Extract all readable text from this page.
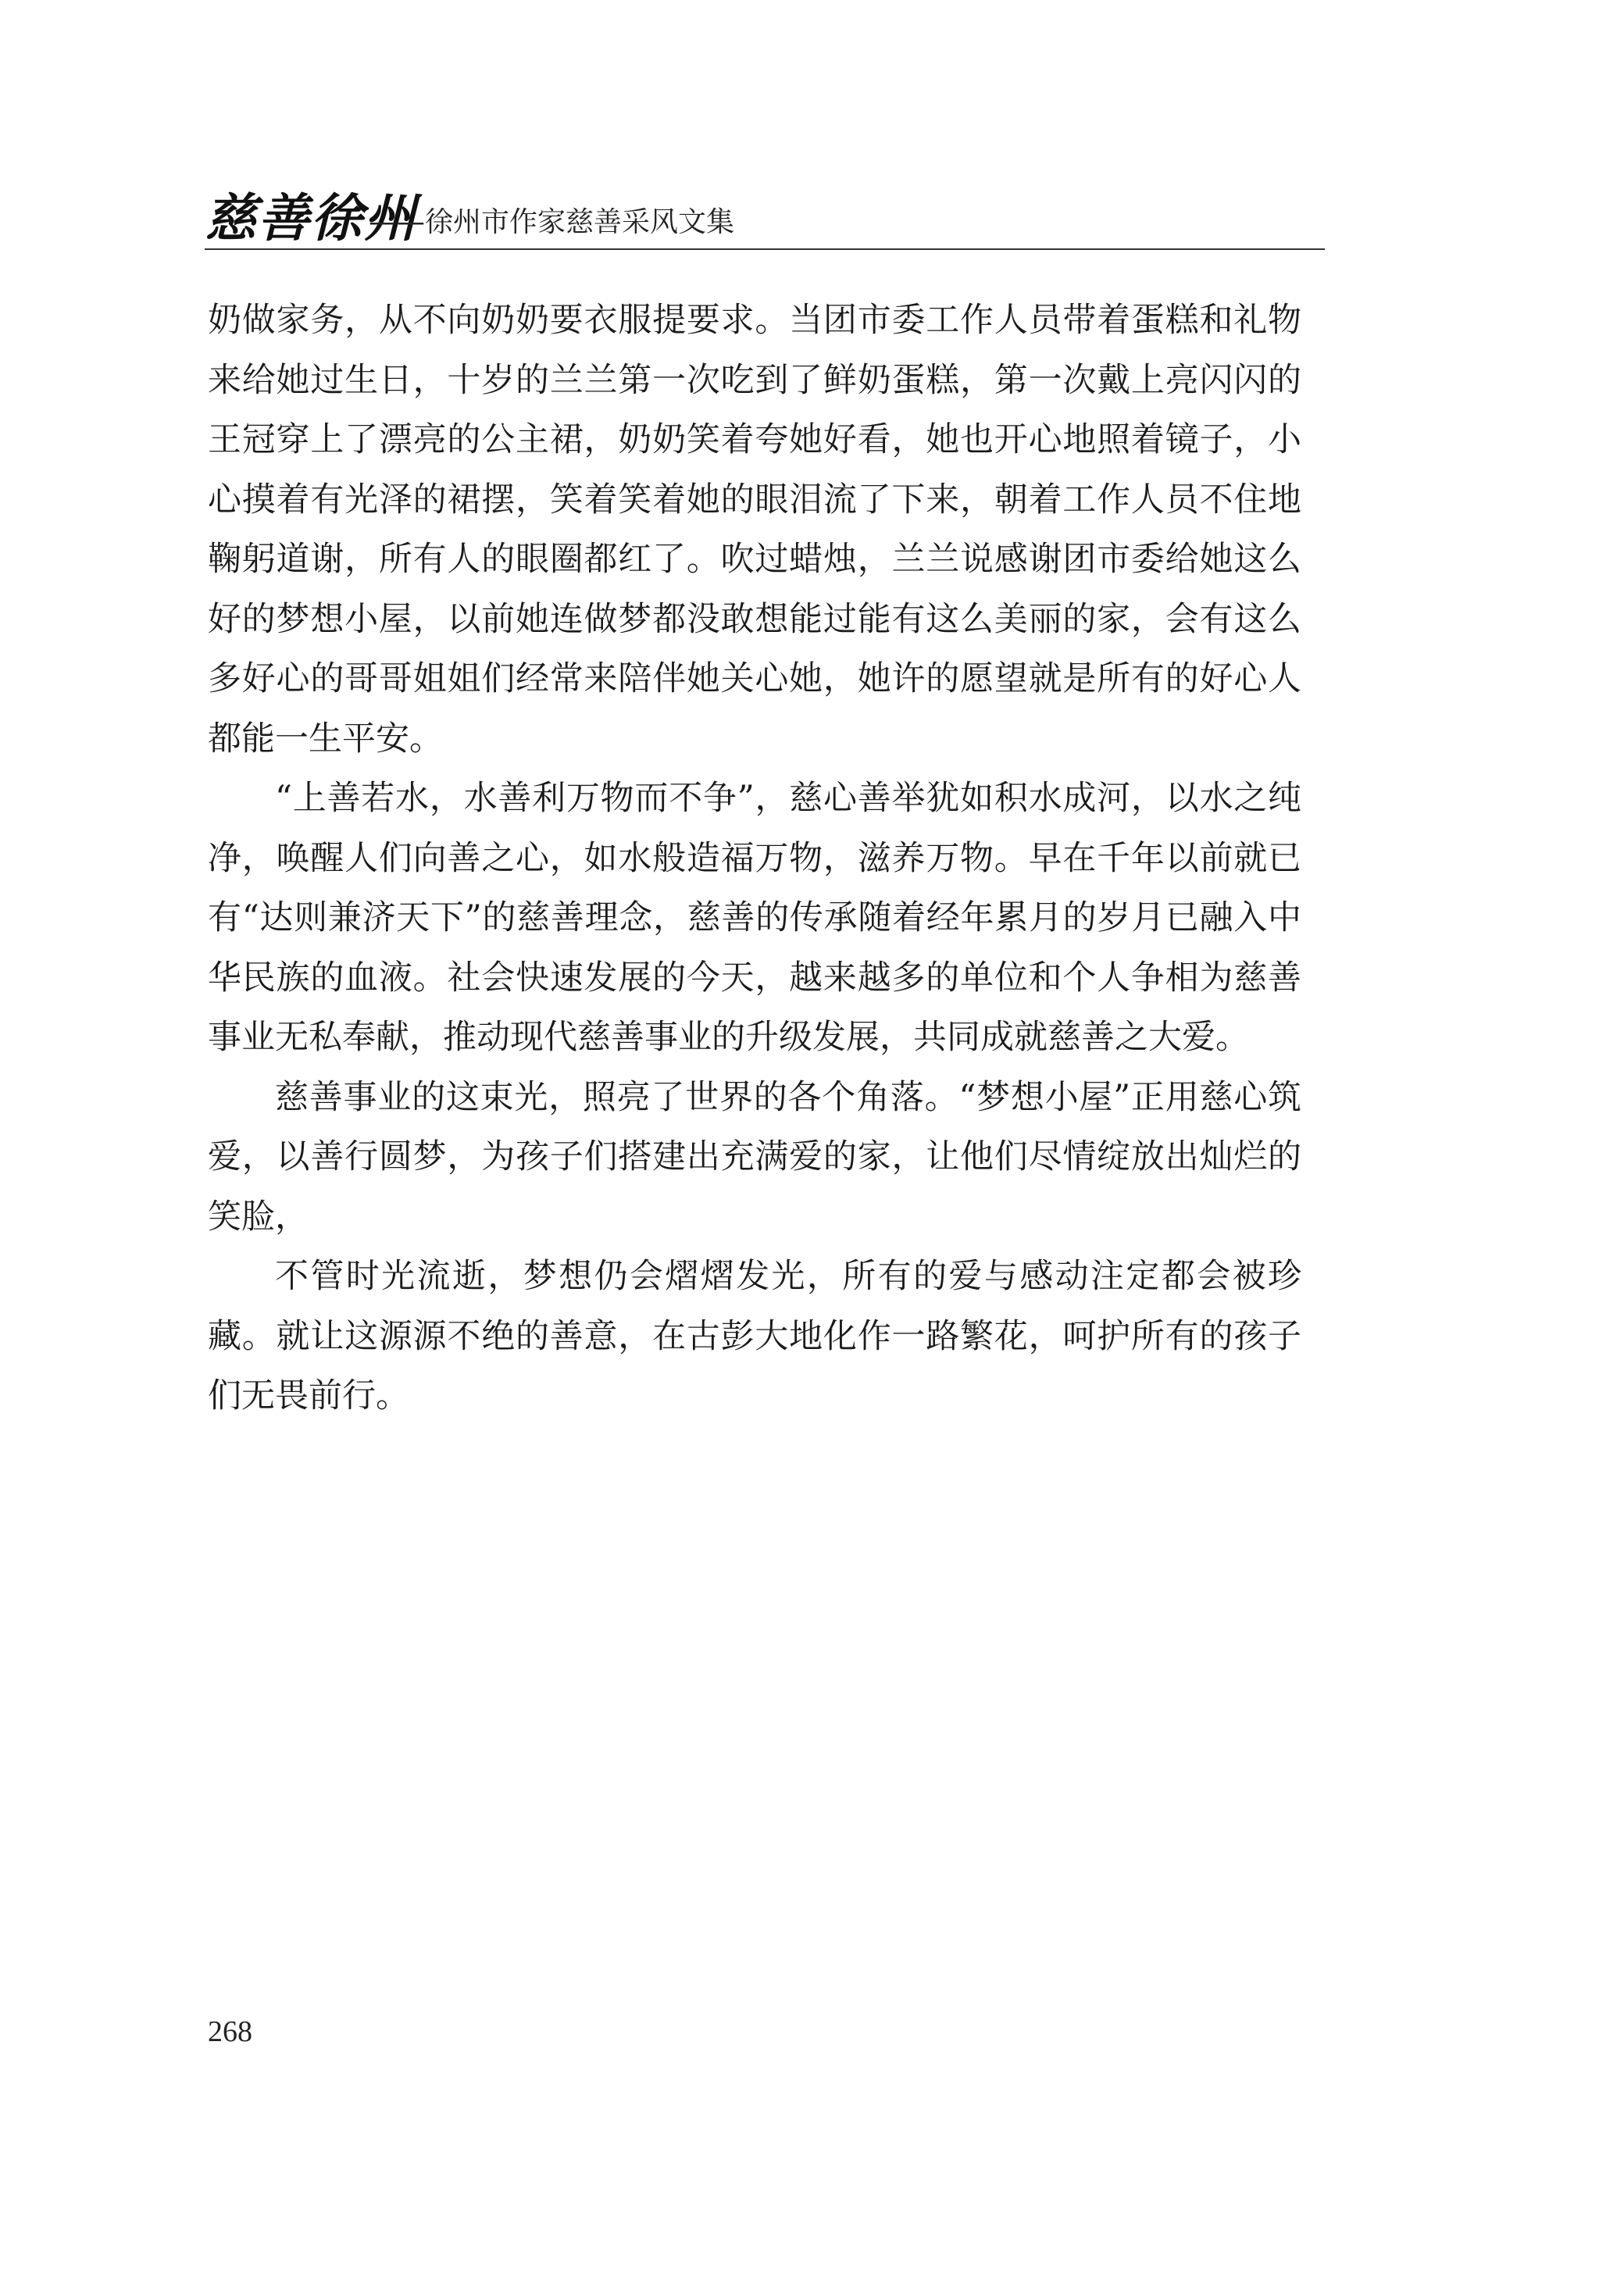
慈善徐州
——徐州市作家慈善采风文集

奶做家务，从不向奶奶要衣服提要求。当团市委工作人员带着蛋糕和礼物来给她过生日，十岁的兰兰第一次吃到了鲜奶蛋糕，第一次戴上亮闪闪的王冠穿上了漂亮的公主裙，奶奶笑着夸她好看，她也开心地照着镜子，小心摸着有光泽的裙摆，笑着笑着她的眼泪流了下来，朝着工作人员不住地鞠躬道谢，所有人的眼圈都红了。吹过蜡烛，兰兰说感谢团市委给她这么好的梦想小屋，以前她连做梦都没敢想能过能有这么美丽的家，会有这么多好心的哥哥姐姐们经常来陪伴她关心她，她许的愿望就是所有的好心人都能一生平安。

“上善若水，水善利万物而不争”，慈心善举犹如积水成河，以水之纯净，唤醒人们向善之心，如水般造福万物，滋养万物。早在千年以前就已有“达则兼济天下”的慈善理念，慈善的传承随着经年累月的岁月已融入中华民族的血液。社会快速发展的今天，越来越多的单位和个人争相为慈善事业无私奉献，推动现代慈善事业的升级发展，共同成就慈善之大爱。

慈善事业的这束光，照亮了世界的各个角落。“梦想小屋”正用慈心筑爱，以善行圆梦，为孩子们搭建出充满爱的家，让他们尽情绽放出灿烂的笑脸，

不管时光流逝，梦想仍会熠熠发光，所有的爱与感动注定都会被珍藏。就让这源源不绝的善意，在古彭大地化作一路繁花，呵护所有的孩子们无畏前行。

268
